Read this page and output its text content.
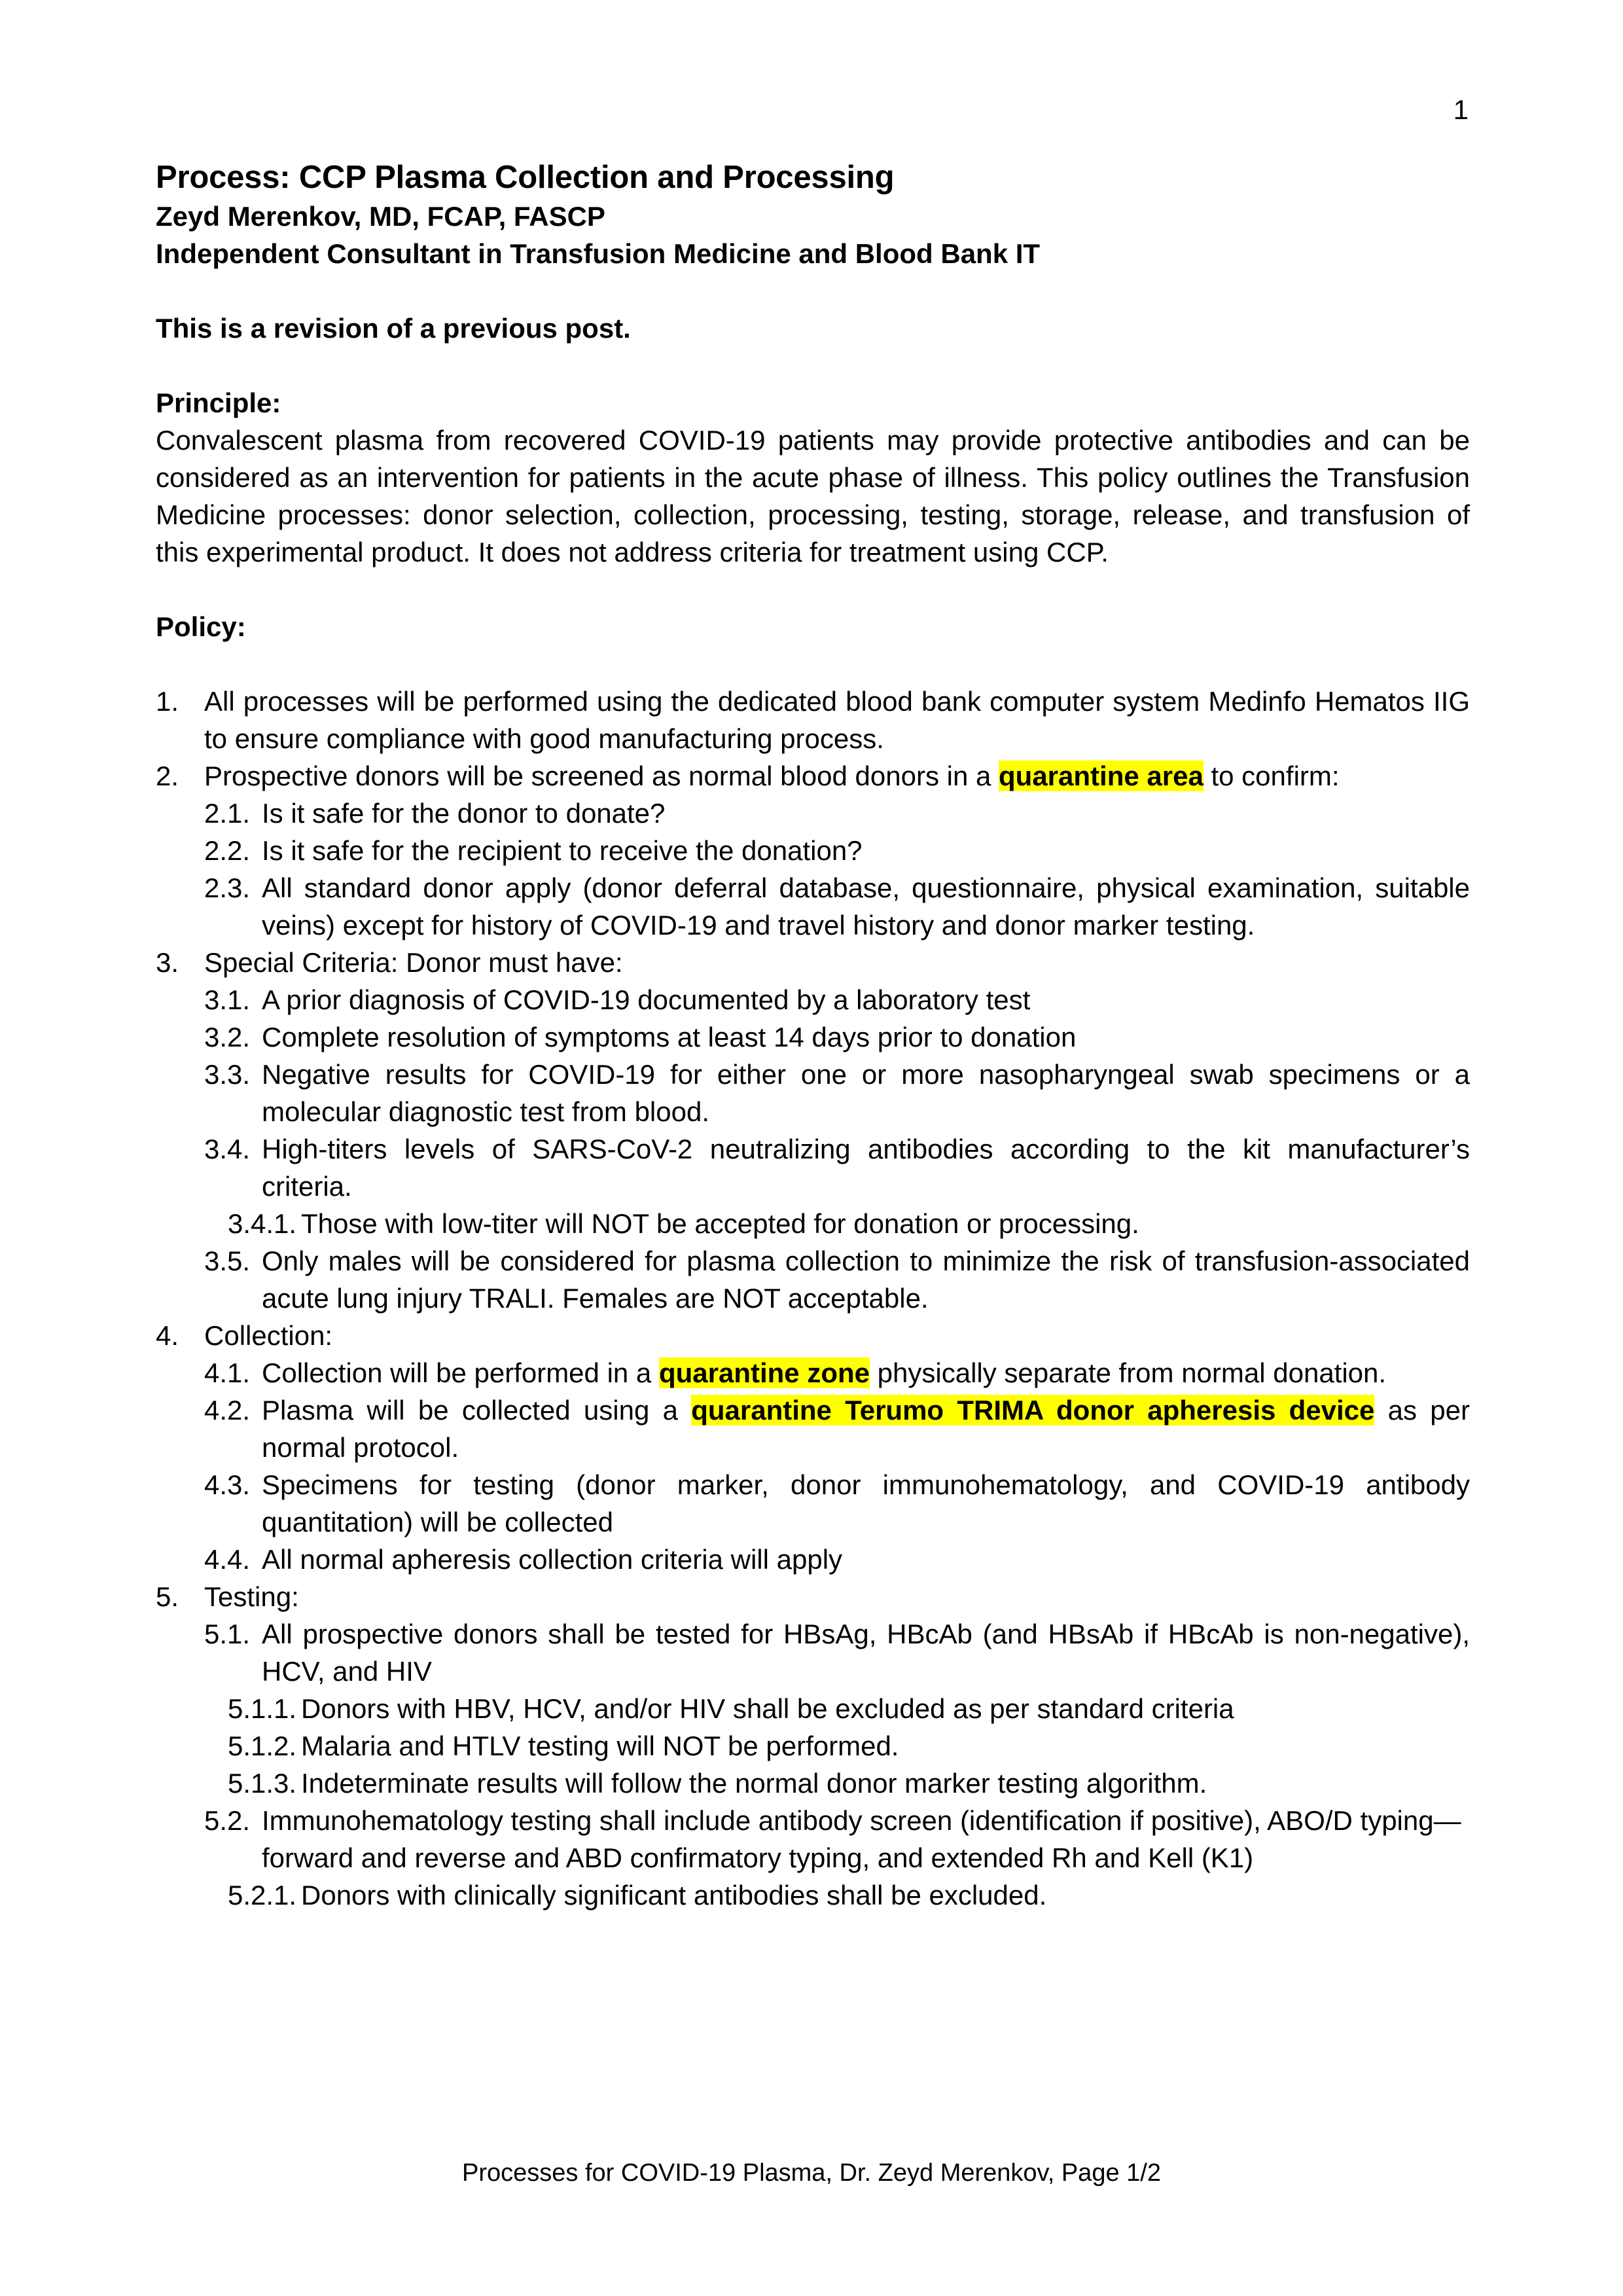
1
Process: CCP Plasma Collection and Processing
Zeyd Merenkov, MD, FCAP, FASCP
Independent Consultant in Transfusion Medicine and Blood Bank IT
This is a revision of a previous post.
Principle:
Convalescent plasma from recovered COVID-19 patients may provide protective antibodies and can be considered as an intervention for patients in the acute phase of illness. This policy outlines the Transfusion Medicine processes: donor selection, collection, processing, testing, storage, release, and transfusion of this experimental product. It does not address criteria for treatment using CCP.
Policy:
1. All processes will be performed using the dedicated blood bank computer system Medinfo Hematos IIG to ensure compliance with good manufacturing process.
2. Prospective donors will be screened as normal blood donors in a quarantine area to confirm:
2.1. Is it safe for the donor to donate?
2.2. Is it safe for the recipient to receive the donation?
2.3. All standard donor apply (donor deferral database, questionnaire, physical examination, suitable veins) except for history of COVID-19 and travel history and donor marker testing.
3. Special Criteria: Donor must have:
3.1. A prior diagnosis of COVID-19 documented by a laboratory test
3.2. Complete resolution of symptoms at least 14 days prior to donation
3.3. Negative results for COVID-19 for either one or more nasopharyngeal swab specimens or a molecular diagnostic test from blood.
3.4. High-titers levels of SARS-CoV-2 neutralizing antibodies according to the kit manufacturer’s criteria.
3.4.1. Those with low-titer will NOT be accepted for donation or processing.
3.5. Only males will be considered for plasma collection to minimize the risk of transfusion-associated acute lung injury TRALI. Females are NOT acceptable.
4. Collection:
4.1. Collection will be performed in a quarantine zone physically separate from normal donation.
4.2. Plasma will be collected using a quarantine Terumo TRIMA donor apheresis device as per normal protocol.
4.3. Specimens for testing (donor marker, donor immunohematology, and COVID-19 antibody quantitation) will be collected
4.4. All normal apheresis collection criteria will apply
5. Testing:
5.1. All prospective donors shall be tested for HBsAg, HBcAb (and HBsAb if HBcAb is non-negative), HCV, and HIV
5.1.1. Donors with HBV, HCV, and/or HIV shall be excluded as per standard criteria
5.1.2. Malaria and HTLV testing will NOT be performed.
5.1.3. Indeterminate results will follow the normal donor marker testing algorithm.
5.2. Immunohematology testing shall include antibody screen (identification if positive), ABO/D typing—forward and reverse and ABD confirmatory typing, and extended Rh and Kell (K1)
5.2.1. Donors with clinically significant antibodies shall be excluded.
Processes for COVID-19 Plasma, Dr. Zeyd Merenkov, Page 1/2
